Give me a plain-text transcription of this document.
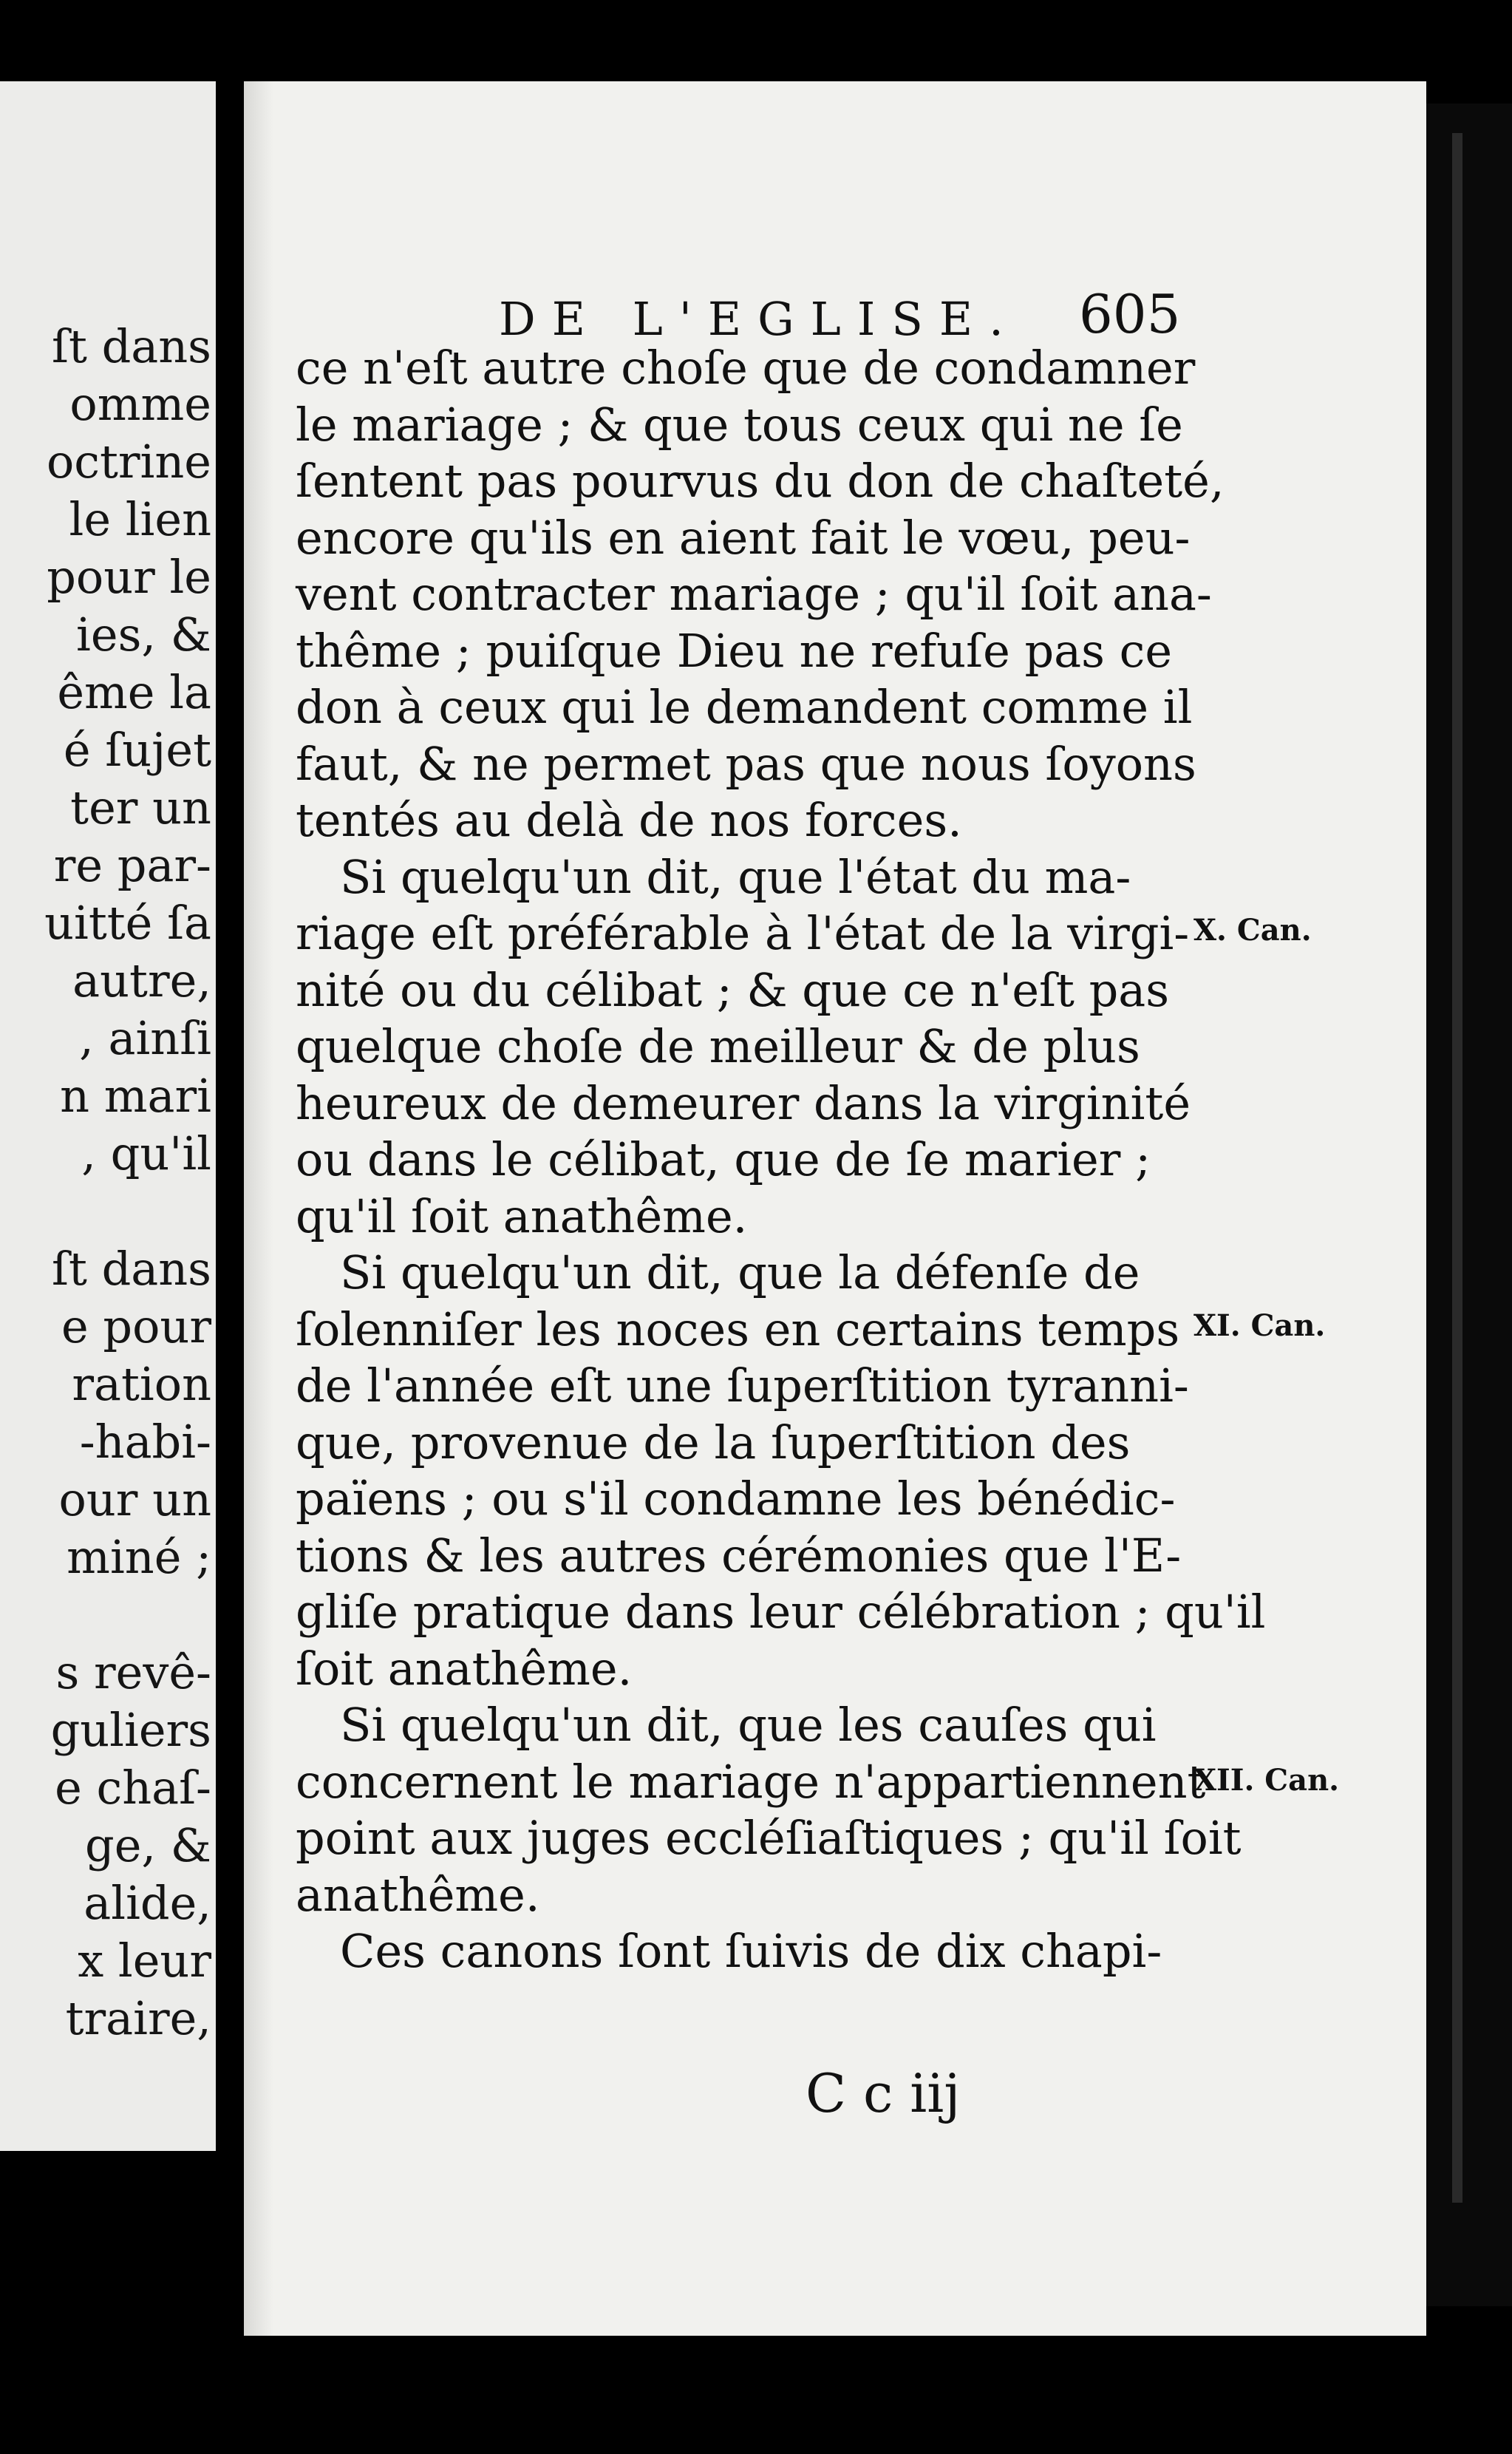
ſt dans
omme
octrine
le lien
pour le
ies, &
ême la
é ſujet
ter un
re par-
uitté ſa
autre,
, ainſi
n mari
, qu'il
ſt dans
e pour
ration
-habi-
our un
miné ;
s revê-
guliers
e chaſ-
ge, &
alide,
x leur
traire,
DE L'EGLISE. 605
ce n'eſt autre choſe que de condamner
le mariage ; & que tous ceux qui ne ſe
ſentent pas pourvus du don de chaſteté,
encore qu'ils en aient fait le vœu, peu-
vent contracter mariage ; qu'il ſoit ana-
thême ; puiſque Dieu ne refuſe pas ce
don à ceux qui le demandent comme il
faut, & ne permet pas que nous ſoyons
tentés au delà de nos forces.
Si quelqu'un dit, que l'état du ma-
riage eſt préférable à l'état de la virgi-
nité ou du célibat ; & que ce n'eſt pas
quelque choſe de meilleur & de plus
heureux de demeurer dans la virginité
ou dans le célibat, que de ſe marier ;
qu'il ſoit anathême.
Si quelqu'un dit, que la défenſe de
ſolenniſer les noces en certains temps
de l'année eſt une ſuperſtition tyranni-
que, provenue de la ſuperſtition des
païens ; ou s'il condamne les bénédic-
tions & les autres cérémonies que l'E-
gliſe pratique dans leur célébration ; qu'il
ſoit anathême.
Si quelqu'un dit, que les cauſes qui
concernent le mariage n'appartiennent
point aux juges eccléſiaſtiques ; qu'il ſoit
anathême.
Ces canons ſont ſuivis de dix chapi-
X. Can.
XI. Can.
XII. Can.
C c iij
